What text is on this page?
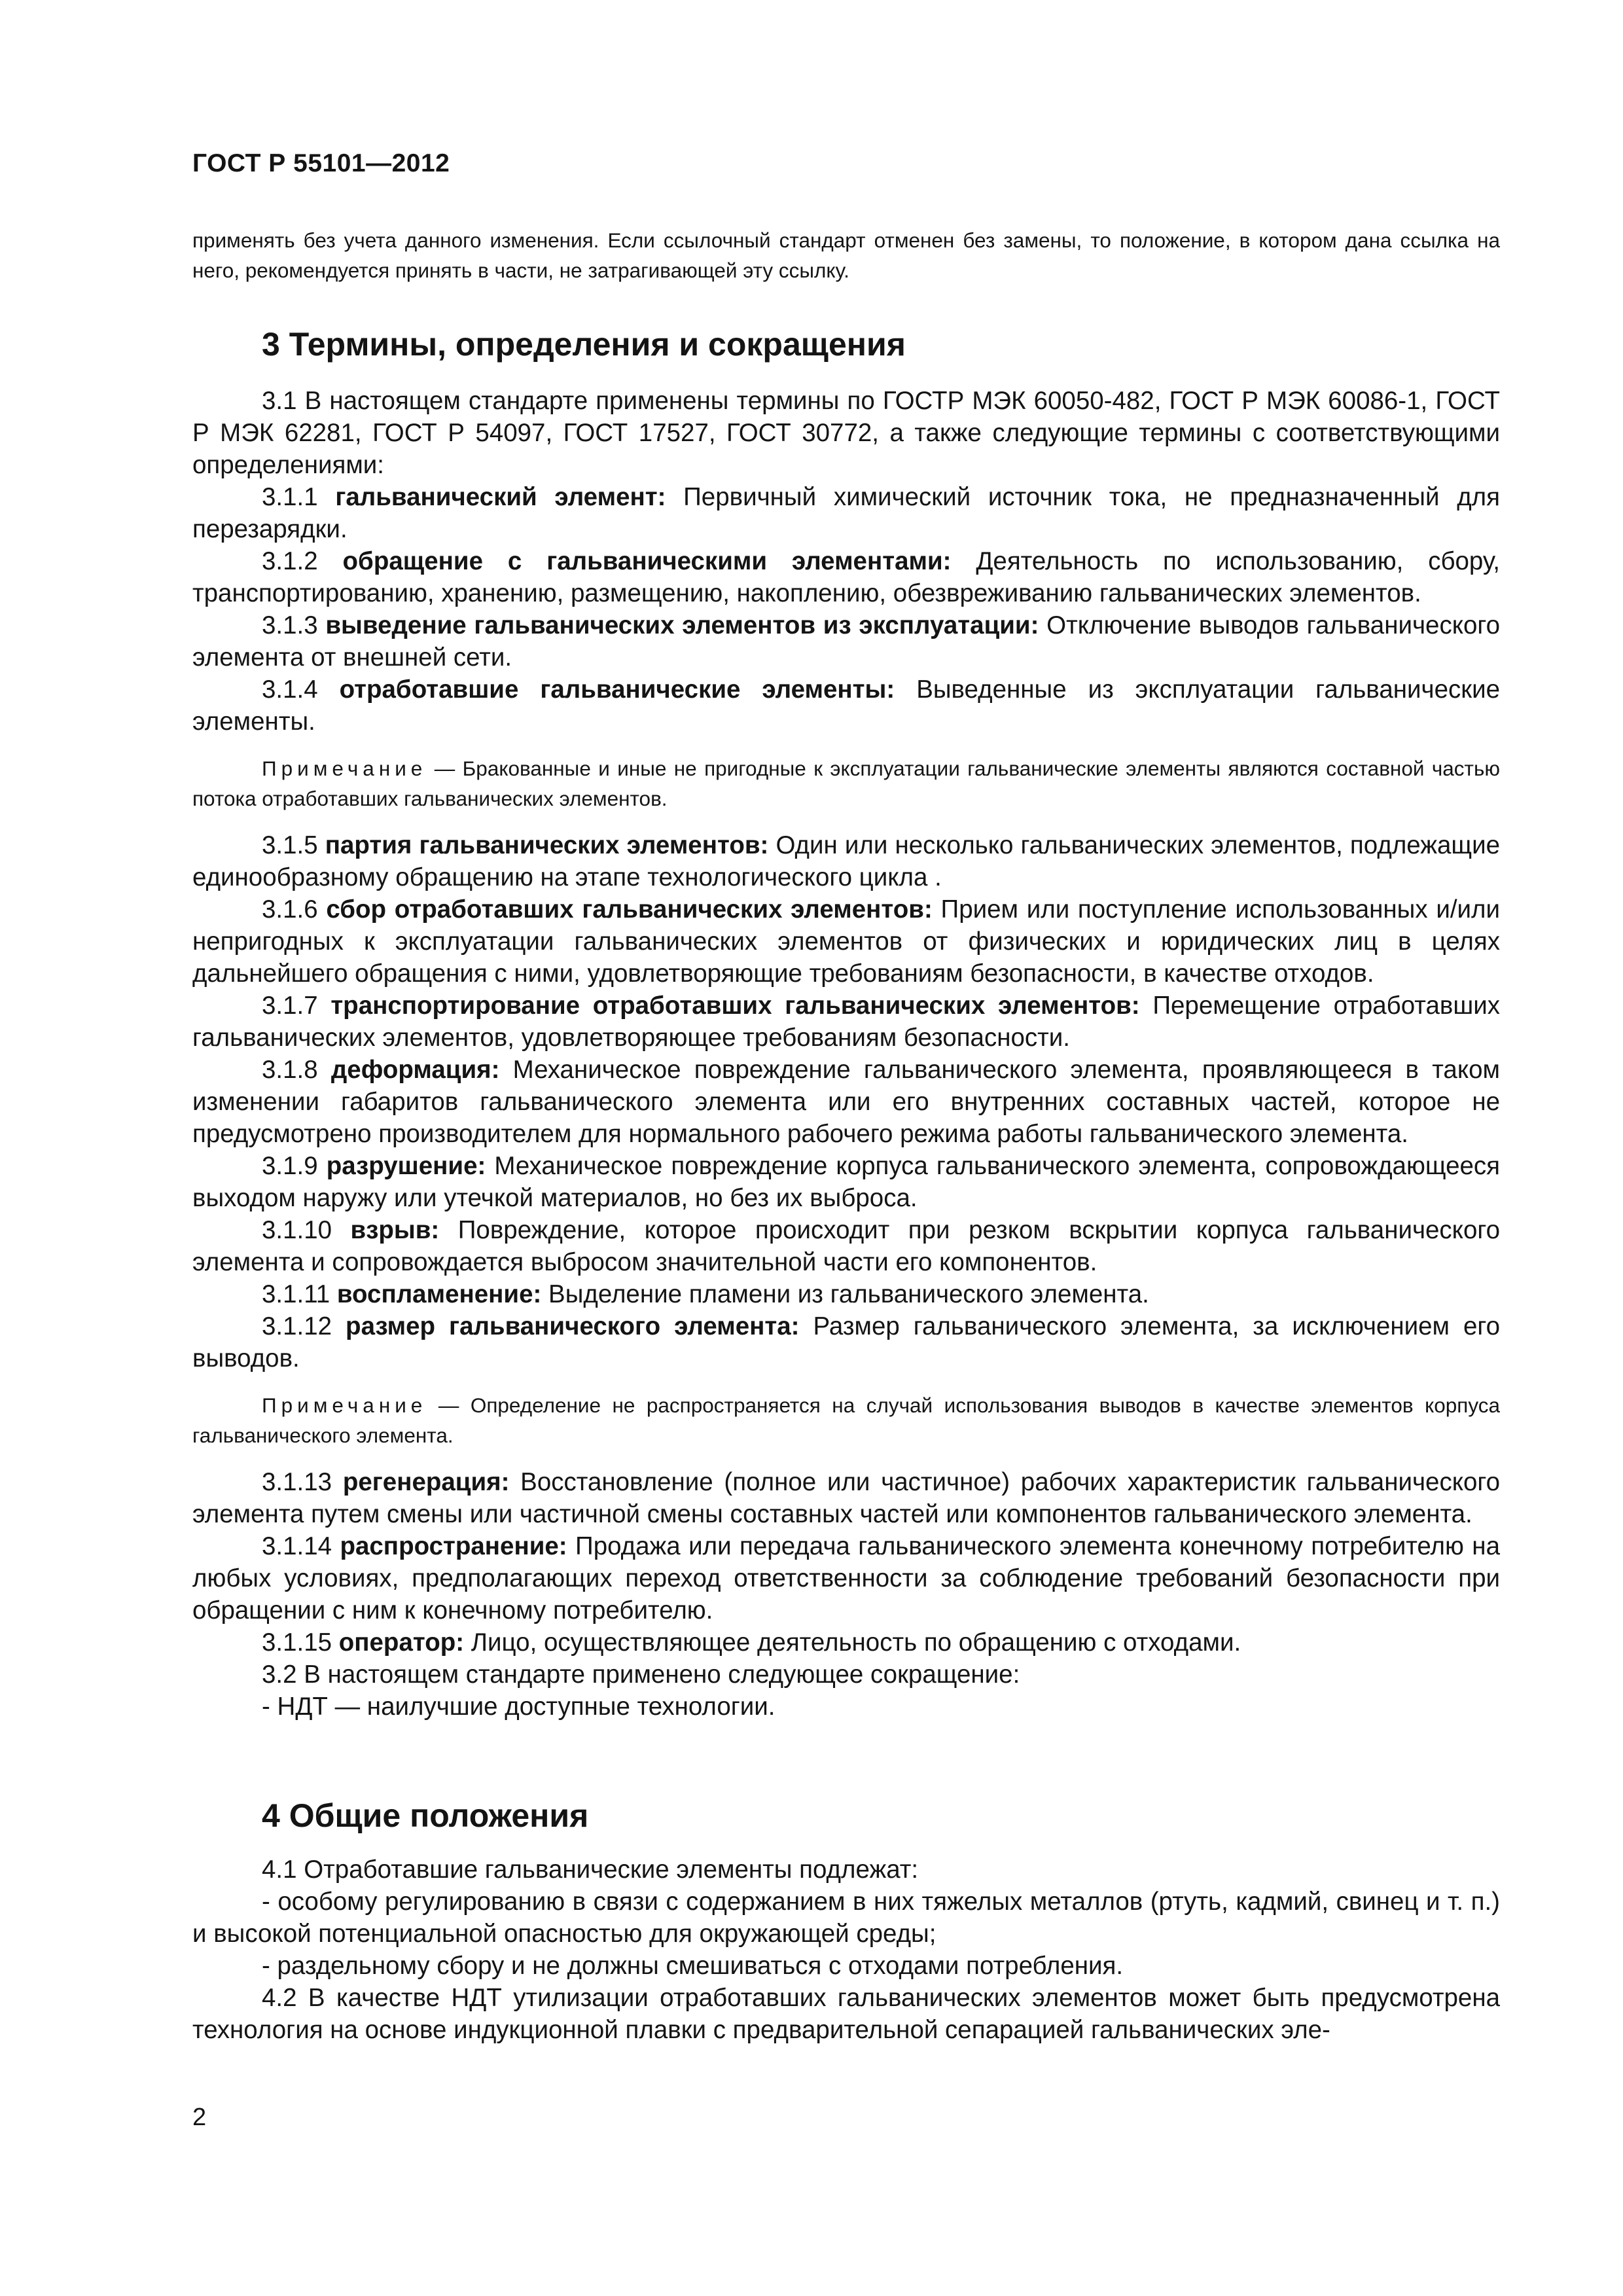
ГОСТ Р 55101—2012

применять без учета данного изменения. Если ссылочный стандарт отменен без замены, то положение, в котором дана ссылка на него, рекомендуется принять в части, не затрагивающей эту ссылку.

3 Термины, определения и сокращения

3.1 В настоящем стандарте применены термины по ГОСТР МЭК 60050-482, ГОСТ Р МЭК 60086-1, ГОСТ Р МЭК 62281, ГОСТ Р 54097, ГОСТ 17527, ГОСТ 30772, а также следующие термины с соответствующими определениями:

3.1.1 гальванический элемент: Первичный химический источник тока, не предназначенный для перезарядки.

3.1.2 обращение с гальваническими элементами: Деятельность по использованию, сбору, транспортированию, хранению, размещению, накоплению, обезвреживанию гальванических элементов.

3.1.3 выведение гальванических элементов из эксплуатации: Отключение выводов гальванического элемента от внешней сети.

3.1.4 отработавшие гальванические элементы: Выведенные из эксплуатации гальванические элементы.

Примечание — Бракованные и иные не пригодные к эксплуатации гальванические элементы являются составной частью потока отработавших гальванических элементов.

3.1.5 партия гальванических элементов: Один или несколько гальванических элементов, подлежащие единообразному обращению на этапе технологического цикла .

3.1.6 сбор отработавших гальванических элементов: Прием или поступление использованных и/или непригодных к эксплуатации гальванических элементов от физических и юридических лиц в целях дальнейшего обращения с ними, удовлетворяющие требованиям безопасности, в качестве отходов.

3.1.7 транспортирование отработавших гальванических элементов: Перемещение отработавших гальванических элементов, удовлетворяющее требованиям безопасности.

3.1.8 деформация: Механическое повреждение гальванического элемента, проявляющееся в таком изменении габаритов гальванического элемента или его внутренних составных частей, которое не предусмотрено производителем для нормального рабочего режима работы гальванического элемента.

3.1.9 разрушение: Механическое повреждение корпуса гальванического элемента, сопровождающееся выходом наружу или утечкой материалов, но без их выброса.

3.1.10 взрыв: Повреждение, которое происходит при резком вскрытии корпуса гальванического элемента и сопровождается выбросом значительной части его компонентов.

3.1.11 воспламенение: Выделение пламени из гальванического элемента.

3.1.12 размер гальванического элемента: Размер гальванического элемента, за исключением его выводов.

Примечание — Определение не распространяется на случай использования выводов в качестве элементов корпуса гальванического элемента.

3.1.13 регенерация: Восстановление (полное или частичное) рабочих характеристик гальванического элемента путем смены или частичной смены составных частей или компонентов гальванического элемента.

3.1.14 распространение: Продажа или передача гальванического элемента конечному потребителю на любых условиях, предполагающих переход ответственности за соблюдение требований безопасности при обращении с ним к конечному потребителю.

3.1.15 оператор: Лицо, осуществляющее деятельность по обращению с отходами.

3.2 В настоящем стандарте применено следующее сокращение:

- НДТ — наилучшие доступные технологии.

4 Общие положения

4.1 Отработавшие гальванические элементы подлежат:

- особому регулированию в связи с содержанием в них тяжелых металлов (ртуть, кадмий, свинец и т. п.) и высокой потенциальной опасностью для окружающей среды;

- раздельному сбору и не должны смешиваться с отходами потребления.

4.2 В качестве НДТ утилизации отработавших гальванических элементов может быть предусмотрена технология на основе индукционной плавки с предварительной сепарацией гальванических эле-

2
